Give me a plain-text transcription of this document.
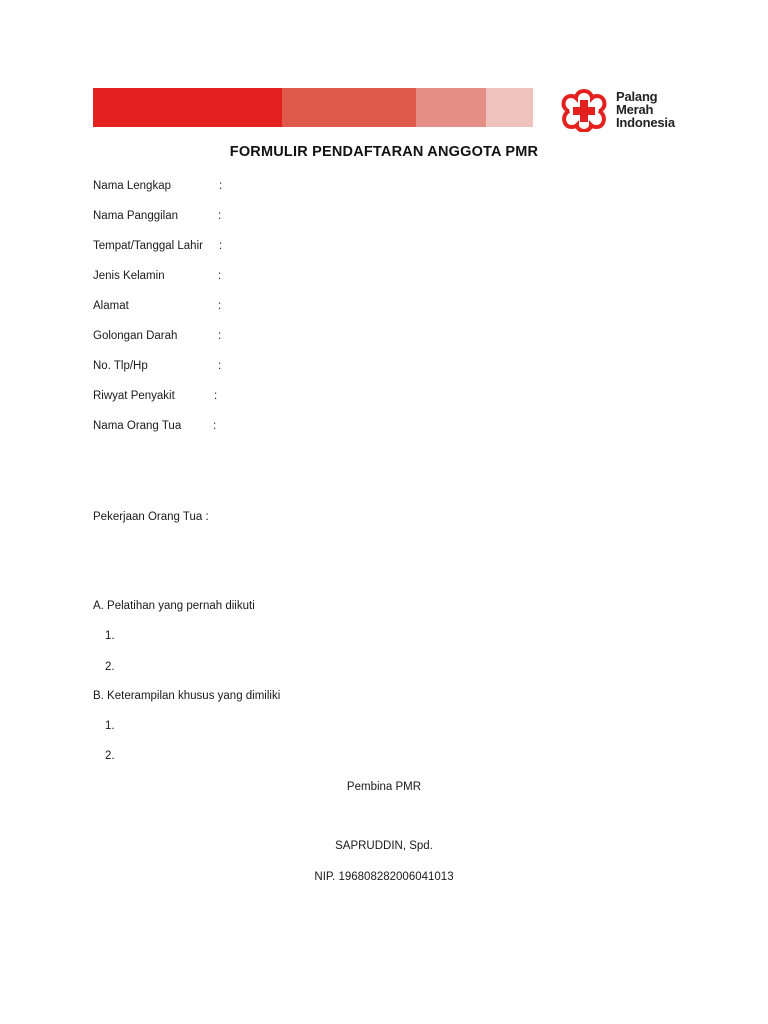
Palang
Merah
Indonesia
FORMULIR PENDAFTARAN ANGGOTA PMR
Nama Lengkap	:
Nama Panggilan	:
Tempat/Tanggal Lahir :
Jenis Kelamin	:
Alamat	:
Golongan Darah	:
No. Tlp/Hp	:
Riwyat Penyakit	:
Nama Orang Tua	:
Pekerjaan Orang Tua :
A. Pelatihan yang pernah diikuti
1.
2.
B. Keterampilan khusus yang dimiliki
1.
2.
Pembina PMR
SAPRUDDIN, Spd.
NIP. 196808282006041013
